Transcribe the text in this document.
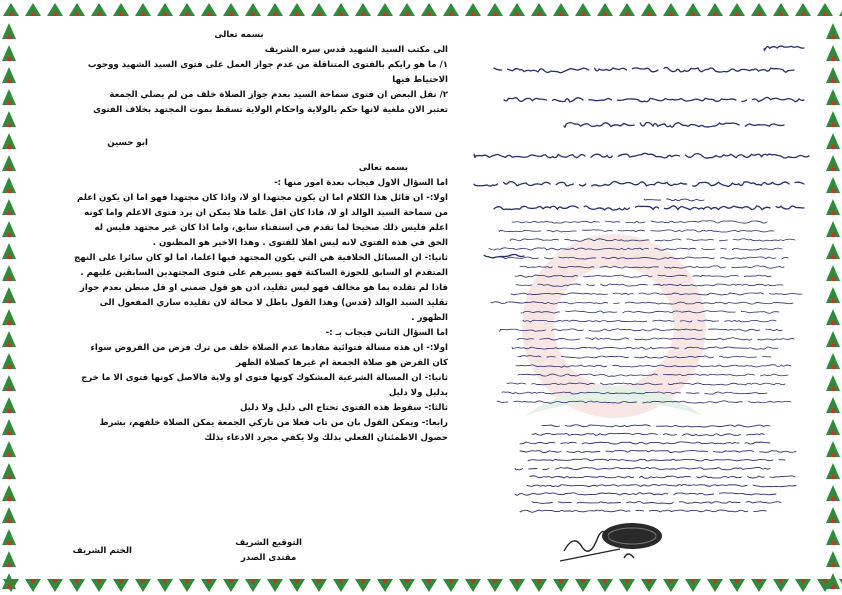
بسمه تعالى
الى مكتب السيد الشهيد قدس سره الشريف
١/ ما هو رايكم بالفتوى المتناقلة من عدم جواز العمل على فتوى السيد الشهيد ووجوب
الاحتياط فيها
٢/ نقل البعض ان فتوى سماحة السيد بعدم جواز الصلاة خلف من لم يصلي الجمعة
تعتبر الان ملغية لانها حكم بالولاية واحكام الولاية تسقط بموت المجتهد بخلاف الفتوى
ابو حسين
بسمه تعالى
اما السؤال الاول فيجاب بعدة امور منها :-
اولا:- ان قائل هذا الكلام اما ان يكون مجتهدا او لا، واذا كان مجتهدا فهو اما ان يكون اعلم
من سماحة السيد الوالد او لا، فاذا كان اقل علما فلا يمكن ان يرد فتوى الاعلم واما كونه
اعلم فليس ذلك صحيحا لما تقدم في استفتاء سابق، واما اذا كان غير مجتهد فليس له
الحق في هذه الفتوى لانه ليس اهلا للفتوى . وهذا الاخير هو المظنون .
ثانيا:- ان المسائل الخلافية هي التي يكون المجتهد فيها اعلما، اما لو كان سائرا على النهج
المتقدم او السابق للحوزة الساكتة فهو يسيرهم على فتوى المجتهدين السابقين عليهم .
فاذا لم تقلده بما هو مخالف فهو ليس تقليد، اذن هو قول ضمني او قل مبطن بعدم جواز
تقليد السيد الوالد (قدس) وهذا القول باطل لا محالة لان تقليده ساري المفعول الى
الظهور .
اما السؤال الثاني فيجاب بـ :-
اولا:- ان هذه مسالة فتوائية مفادها عدم الصلاة خلف من ترك فرض من الفروض سواء
كان الفرض هو صلاة الجمعة ام غيرها كصلاة الظهر
ثانيا:- ان المسالة الشرعية المشكوك كونها فتوى او ولاية فالاصل كونها فتوى الا ما خرج
بدليل ولا دليل
ثالثا:- سقوط هذه الفتوى تحتاج الى دليل ولا دليل
رابعا:- ويمكن القول بان من تاب فعلا من تاركي الجمعة يمكن الصلاة خلفهم، بشرط
حصول الاطمئنان الفعلي بذلك ولا يكفي مجرد الادعاء بذلك
الختم الشريف
التوقيع الشريف
مقتدى الصدر
